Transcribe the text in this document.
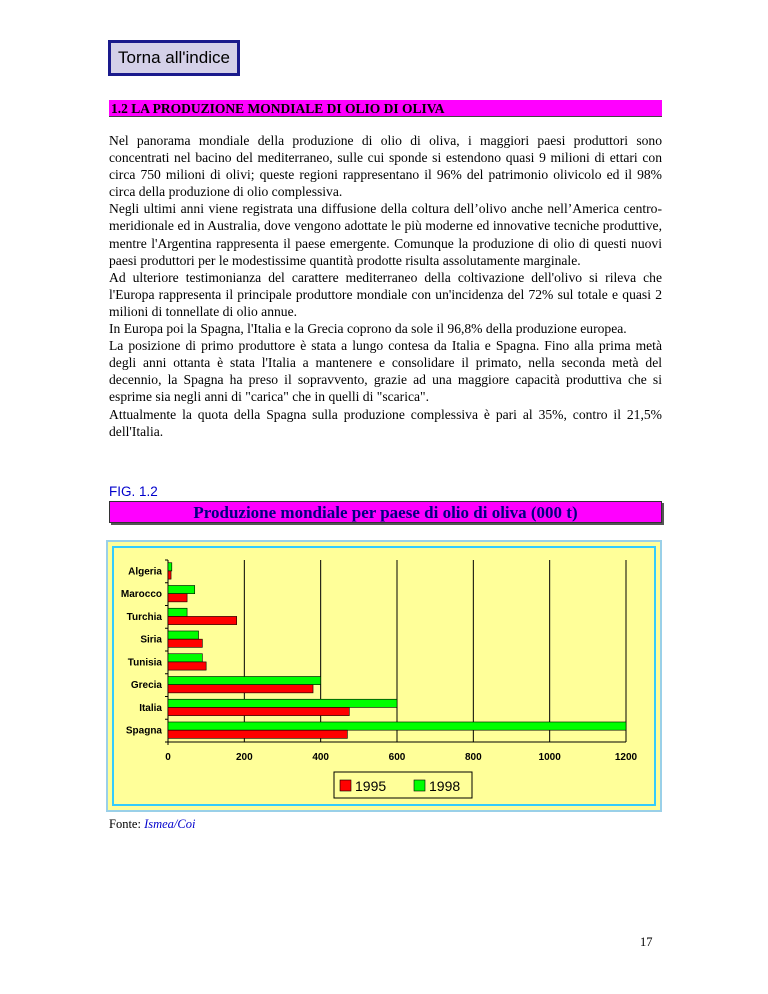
Torna all'indice
1.2 LA PRODUZIONE MONDIALE DI OLIO DI OLIVA

Nel panorama mondiale della produzione di olio di oliva, i maggiori paesi produttori sono concentrati nel bacino del mediterraneo, sulle cui sponde si estendono quasi 9 milioni di ettari con circa 750 milioni di olivi; queste regioni rappresentano il 96% del patrimonio olivicolo ed il 98% circa della produzione di olio complessiva.

Negli ultimi anni viene registrata una diffusione della coltura dell’olivo anche nell’America centro-meridionale ed in Australia, dove vengono adottate le più moderne ed innovative tecniche produttive, mentre l'Argentina rappresenta il paese emergente. Comunque la produzione di olio di questi nuovi paesi produttori per le modestissime quantità prodotte risulta assolutamente marginale.

Ad ulteriore testimonianza del carattere mediterraneo della coltivazione dell'olivo si rileva che l'Europa rappresenta il principale produttore mondiale con un'incidenza del 72% sul totale e quasi 2 milioni di tonnellate di olio annue.

In Europa poi la Spagna, l'Italia e la Grecia coprono da sole il 96,8% della produzione europea.

La posizione di primo produttore è stata a lungo contesa da Italia e Spagna. Fino alla prima metà degli anni ottanta è stata l'Italia a mantenere e consolidare il primato, nella seconda metà del decennio, la Spagna ha preso il sopravvento, grazie ad una maggiore capacità produttiva che si esprime sia negli anni di "carica" che in quelli di "scarica".

Attualmente la quota della Spagna sulla produzione complessiva è pari al 35%, contro il 21,5% dell'Italia.

FIG. 1.2
Produzione mondiale per paese di olio di oliva (000 t)
Algeria
Marocco
Turchia
Siria
Tunisia
Grecia
Italia
Spagna
0	200	400	600	800	1000	1200
1995	1998
Fonte: Ismea/Coi
17
